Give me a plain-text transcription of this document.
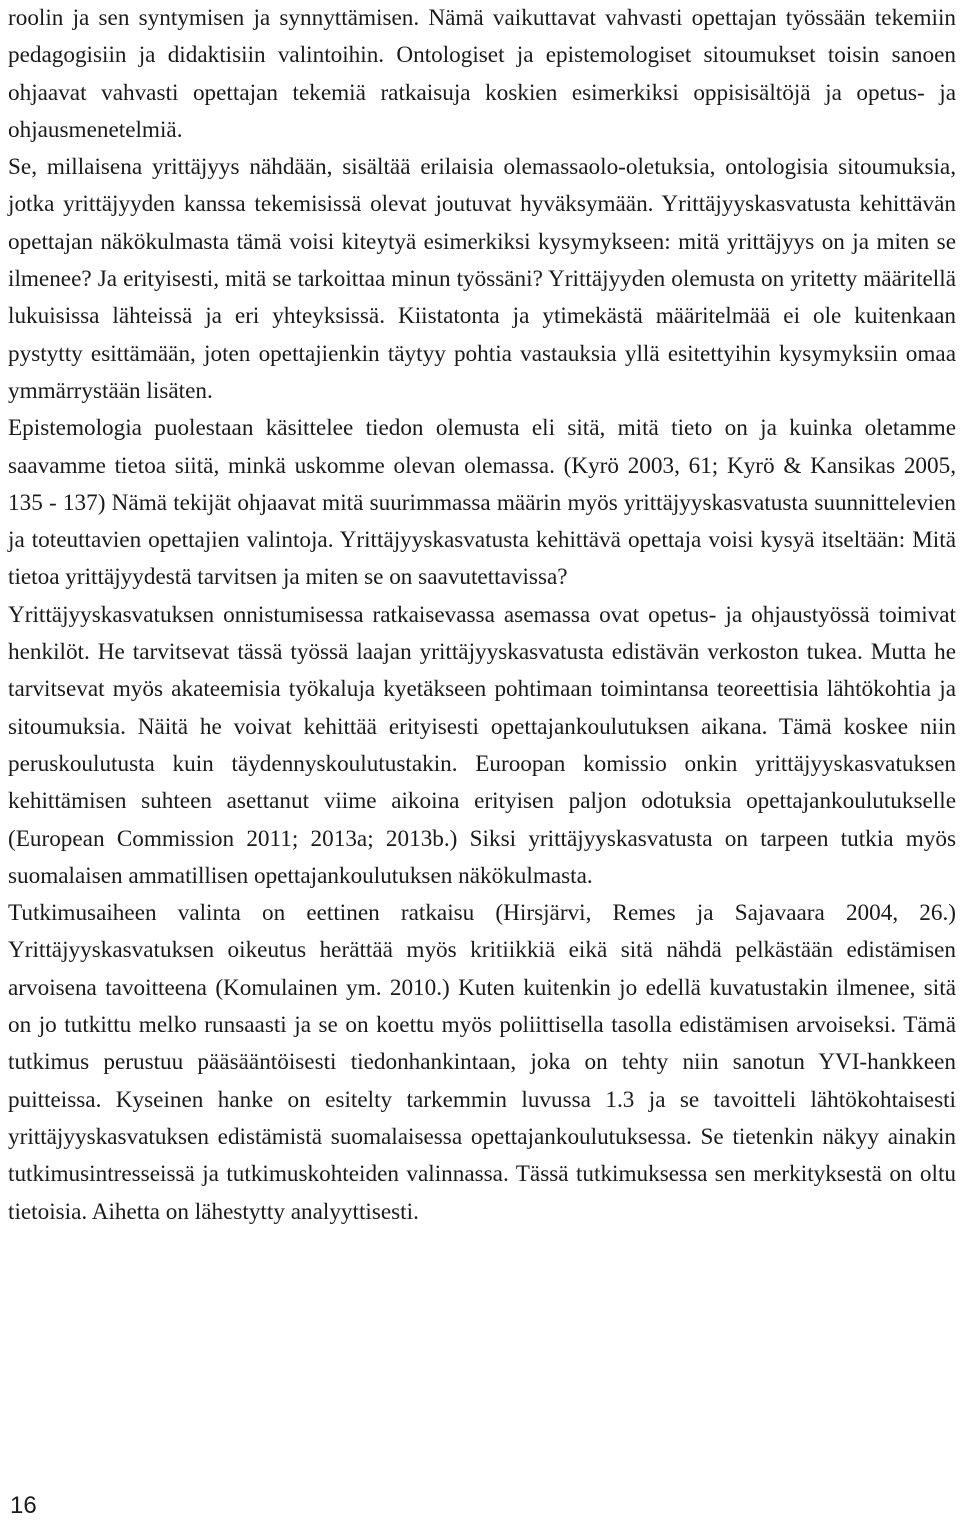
roolin ja sen syntymisen ja synnyttämisen. Nämä vaikuttavat vahvasti opettajan työssään tekemiin pedagogisiin ja didaktisiin valintoihin. Ontologiset ja epistemologiset sitoumukset toisin sanoen ohjaavat vahvasti opettajan tekemiä ratkaisuja koskien esimerkiksi oppisisältöjä ja opetus- ja ohjausmenetelmiä.

Se, millaisena yrittäjyys nähdään, sisältää erilaisia olemassaolo-oletuksia, ontologisia sitoumuksia, jotka yrittäjyyden kanssa tekemisissä olevat joutuvat hyväksymään. Yrittäjyyskasvatusta kehittävän opettajan näkökulmasta tämä voisi kiteytyä esimerkiksi kysymykseen: mitä yrittäjyys on ja miten se ilmenee? Ja erityisesti, mitä se tarkoittaa minun työssäni? Yrittäjyyden olemusta on yritetty määritellä lukuisissa lähteissä ja eri yhteyksissä. Kiistatonta ja ytimekästä määritelmää ei ole kuitenkaan pystytty esittämään, joten opettajienkin täytyy pohtia vastauksia yllä esitettyihin kysymyksiin omaa ymmärrystään lisäten.

Epistemologia puolestaan käsittelee tiedon olemusta eli sitä, mitä tieto on ja kuinka oletamme saavamme tietoa siitä, minkä uskomme olevan olemassa. (Kyrö 2003, 61; Kyrö & Kansikas 2005, 135 - 137) Nämä tekijät ohjaavat mitä suurimmassa määrin myös yrittäjyyskasvatusta suunnittelevien ja toteuttavien opettajien valintoja. Yrittäjyyskasvatusta kehittävä opettaja voisi kysyä itseltään: Mitä tietoa yrittäjyydestä tarvitsen ja miten se on saavutettavissa?

Yrittäjyyskasvatuksen onnistumisessa ratkaisevassa asemassa ovat opetus- ja ohjaustyössä toimivat henkilöt. He tarvitsevat tässä työssä laajan yrittäjyyskasvatusta edistävän verkoston tukea. Mutta he tarvitsevat myös akateemisia työkaluja kyetäkseen pohtimaan toimintansa teoreettisia lähtökohtia ja sitoumuksia. Näitä he voivat kehittää erityisesti opettajankoulutuksen aikana. Tämä koskee niin peruskoulutusta kuin täydennyskoulutustakin. Euroopan komissio onkin yrittäjyyskasvatuksen kehittämisen suhteen asettanut viime aikoina erityisen paljon odotuksia opettajankoulutukselle (European Commission 2011; 2013a; 2013b.) Siksi yrittäjyyskasvatusta on tarpeen tutkia myös suomalaisen ammatillisen opettajankoulutuksen näkökulmasta.

Tutkimusaiheen valinta on eettinen ratkaisu (Hirsjärvi, Remes ja Sajavaara 2004, 26.) Yrittäjyyskasvatuksen oikeutus herättää myös kritiikkiä eikä sitä nähdä pelkästään edistämisen arvoisena tavoitteena (Komulainen ym. 2010.) Kuten kuitenkin jo edellä kuvatustakin ilmenee, sitä on jo tutkittu melko runsaasti ja se on koettu myös poliittisella tasolla edistämisen arvoiseksi. Tämä tutkimus perustuu pääsääntöisesti tiedonhankintaan, joka on tehty niin sanotun YVI-hankkeen puitteissa. Kyseinen hanke on esitelty tarkemmin luvussa 1.3 ja se tavoitteli lähtökohtaisesti yrittäjyyskasvatuksen edistämistä suomalaisessa opettajankoulutuksessa. Se tietenkin näkyy ainakin tutkimusintresseissä ja tutkimuskohteiden valinnassa. Tässä tutkimuksessa sen merkityksestä on oltu tietoisia. Aihetta on lähestytty analyyttisesti.

16
